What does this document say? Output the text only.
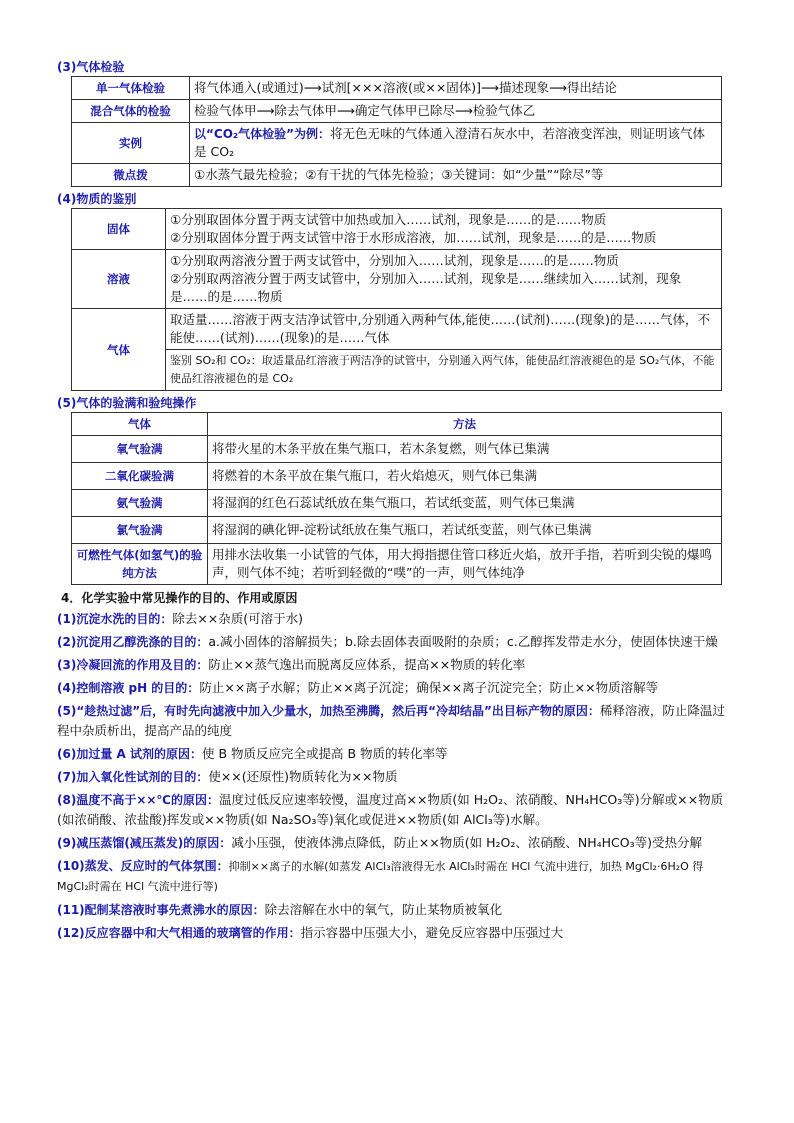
(3)气体检验

单一气体检验	将气体通入(或通过)⟶试剂[×××溶液(或××固体)]⟶描述现象⟶得出结论
混合气体的检验	检验气体甲⟶除去气体甲⟶确定气体甲已除尽⟶检验气体乙
实例	以“CO₂气体检验”为例：将无色无味的气体通入澄清石灰水中，若溶液变浑浊，则证明该气体是 CO₂
微点拨	①水蒸气最先检验；②有干扰的气体先检验；③关键词：如“少量”“除尽”等

(4)物质的鉴别

固体	①分别取固体分置于两支试管中加热或加入……试剂，现象是……的是……物质
②分别取固体分置于两支试管中溶于水形成溶液，加……试剂，现象是……的是……物质

溶液	①分别取两溶液分置于两支试管中，分别加入……试剂，现象是……的是……物质
②分别取两溶液分置于两支试管中，分别加入……试剂，现象是……继续加入……试剂，现象是……的是……物质

气体	取适量……溶液于两支洁净试管中,分别通入两种气体,能使……(试剂)……(现象)的是……气体，不能使……(试剂)……(现象)的是……气体
	鉴别 SO₂和 CO₂：取适量品红溶液于两洁净的试管中，分别通入两气体，能使品红溶液褪色的是 SO₂气体，不能使品红溶液褪色的是 CO₂

(5)气体的验满和验纯操作

气体	方法
氧气验满	将带火星的木条平放在集气瓶口，若木条复燃，则气体已集满
二氧化碳验满	将燃着的木条平放在集气瓶口，若火焰熄灭，则气体已集满
氨气验满	将湿润的红色石蕊试纸放在集气瓶口，若试纸变蓝，则气体已集满
氯气验满	将湿润的碘化钾-淀粉试纸放在集气瓶口，若试纸变蓝，则气体已集满
可燃性气体(如氢气)的验纯方法	用排水法收集一小试管的气体，用大拇指摁住管口移近火焰，放开手指，若听到尖锐的爆鸣声，则气体不纯；若听到轻微的“噗”的一声，则气体纯净

4．化学实验中常见操作的目的、作用或原因

(1)沉淀水洗的目的：除去××杂质(可溶于水)

(2)沉淀用乙醇洗涤的目的：a.减小固体的溶解损失；b.除去固体表面吸附的杂质；c.乙醇挥发带走水分，使固体快速干燥

(3)冷凝回流的作用及目的：防止××蒸气逸出而脱离反应体系，提高××物质的转化率

(4)控制溶液 pH 的目的：防止××离子水解；防止××离子沉淀；确保××离子沉淀完全；防止××物质溶解等

(5)“趁热过滤”后，有时先向滤液中加入少量水，加热至沸腾，然后再“冷却结晶”出目标产物的原因：稀释溶液，防止降温过程中杂质析出，提高产品的纯度

(6)加过量 A 试剂的原因：使 B 物质反应完全或提高 B 物质的转化率等

(7)加入氧化性试剂的目的：使××(还原性)物质转化为××物质

(8)温度不高于××℃的原因：温度过低反应速率较慢，温度过高××物质(如 H₂O₂、浓硝酸、NH₄HCO₃等)分解或××物质(如浓硝酸、浓盐酸)挥发或××物质(如 Na₂SO₃等)氧化或促进××物质(如 AlCl₃等)水解。

(9)减压蒸馏(减压蒸发)的原因：减小压强，使液体沸点降低，防止××物质(如 H₂O₂、浓硝酸、NH₄HCO₃等)受热分解

(10)蒸发、反应时的气体氛围：抑制××离子的水解(如蒸发 AlCl₃溶液得无水 AlCl₃时需在 HCl 气流中进行，加热 MgCl₂·6H₂O 得 MgCl₂时需在 HCl 气流中进行等)

(11)配制某溶液时事先煮沸水的原因：除去溶解在水中的氧气，防止某物质被氧化

(12)反应容器中和大气相通的玻璃管的作用：指示容器中压强大小，避免反应容器中压强过大
